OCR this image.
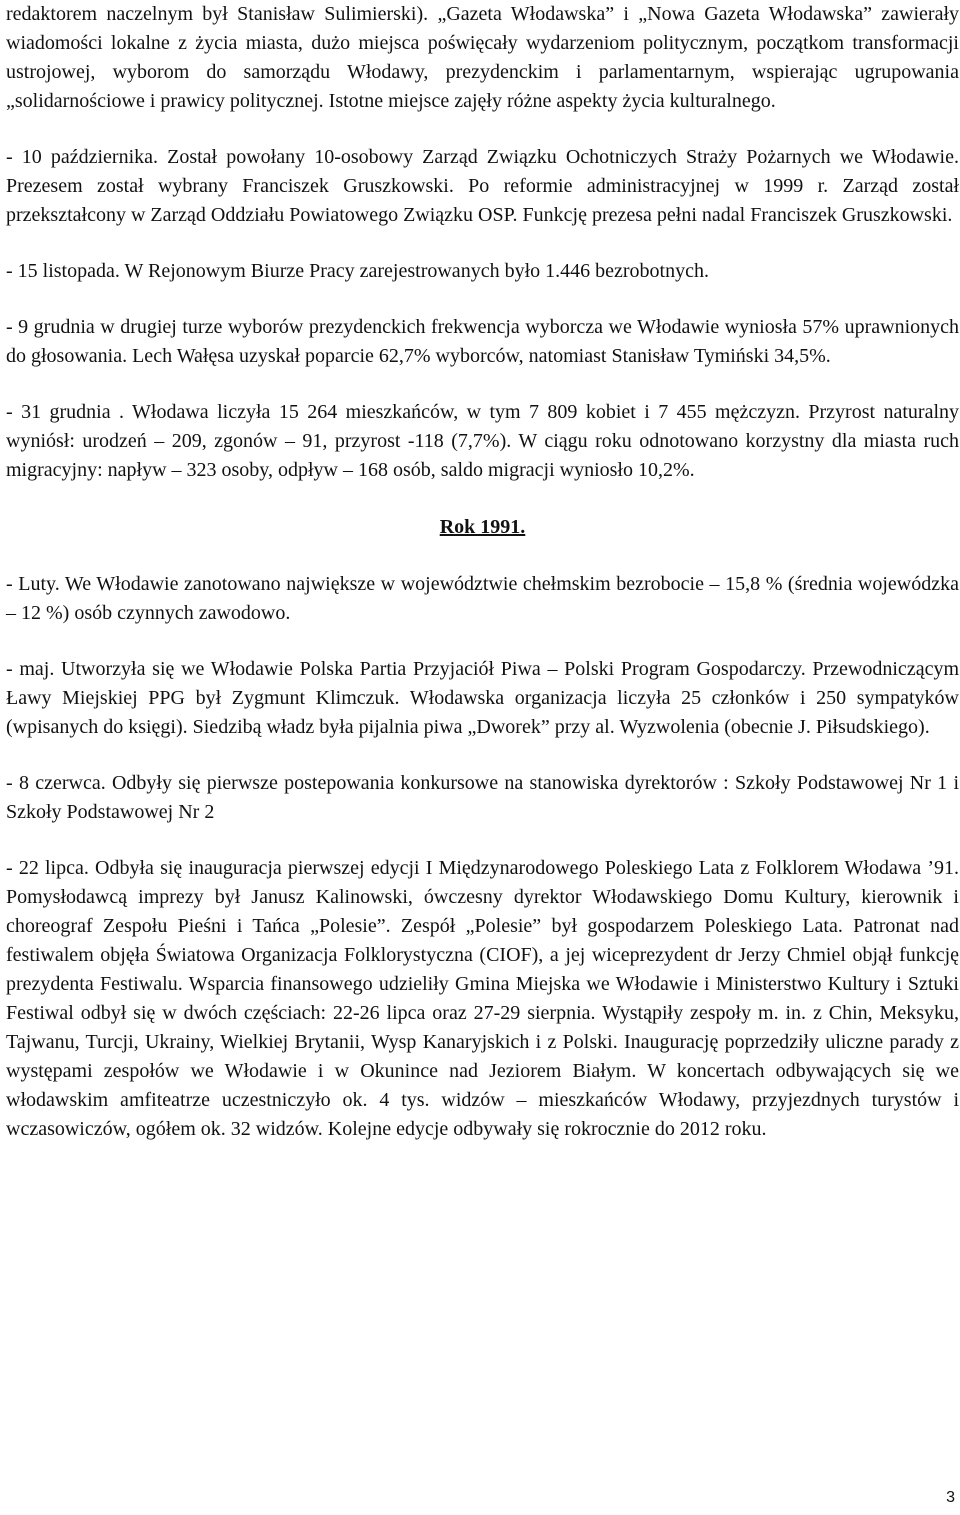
redaktorem naczelnym był Stanisław Sulimierski). „Gazeta Włodawska” i „Nowa Gazeta Włodawska” zawierały wiadomości lokalne z życia miasta, dużo miejsca poświęcały wydarzeniom politycznym, początkom transformacji ustrojowej, wyborom do samorządu Włodawy, prezydenckim i parlamentarnym, wspierając ugrupowania „solidarnościowe i prawicy politycznej. Istotne miejsce zajęły różne aspekty życia kulturalnego.

- 10 października. Został powołany 10-osobowy Zarząd Związku Ochotniczych Straży Pożarnych we Włodawie. Prezesem został wybrany Franciszek Gruszkowski. Po reformie administracyjnej w 1999 r. Zarząd został przekształcony w Zarząd Oddziału Powiatowego Związku OSP. Funkcję prezesa pełni nadal Franciszek Gruszkowski.

- 15 listopada. W Rejonowym Biurze Pracy zarejestrowanych było 1.446 bezrobotnych.

- 9 grudnia w drugiej turze wyborów prezydenckich frekwencja wyborcza we Włodawie wyniosła 57% uprawnionych do głosowania. Lech Wałęsa uzyskał poparcie 62,7% wyborców, natomiast Stanisław Tymiński 34,5%.

- 31 grudnia . Włodawa liczyła 15 264 mieszkańców, w tym 7 809 kobiet i 7 455 mężczyzn. Przyrost naturalny wyniósł: urodzeń – 209, zgonów – 91, przyrost -118 (7,7%). W ciągu roku odnotowano korzystny dla miasta ruch migracyjny: napływ – 323 osoby, odpływ – 168 osób, saldo migracji wyniosło 10,2%.

Rok 1991.

- Luty. We Włodawie zanotowano największe w województwie chełmskim bezrobocie – 15,8 % (średnia wojewódzka – 12 %) osób czynnych zawodowo.

- maj. Utworzyła się we Włodawie Polska Partia Przyjaciół Piwa – Polski Program Gospodarczy. Przewodniczącym Ławy Miejskiej PPG był Zygmunt Klimczuk. Włodawska organizacja liczyła 25 członków i 250 sympatyków (wpisanych do księgi). Siedzibą władz była pijalnia piwa „Dworek” przy al. Wyzwolenia (obecnie J. Piłsudskiego).

- 8 czerwca. Odbyły się pierwsze postepowania konkursowe na stanowiska dyrektorów : Szkoły Podstawowej Nr 1 i Szkoły Podstawowej Nr 2

- 22 lipca. Odbyła się inauguracja pierwszej edycji I Międzynarodowego Poleskiego Lata z Folklorem Włodawa ’91. Pomysłodawcą imprezy był Janusz Kalinowski, ówczesny dyrektor Włodawskiego Domu Kultury, kierownik i choreograf Zespołu Pieśni i Tańca „Polesie”. Zespół „Polesie” był gospodarzem Poleskiego Lata. Patronat nad festiwalem objęła Światowa Organizacja Folklorystyczna (CIOF), a jej wiceprezydent dr Jerzy Chmiel objął funkcję prezydenta Festiwalu. Wsparcia finansowego udzieliły Gmina Miejska we Włodawie i Ministerstwo Kultury i Sztuki Festiwal odbył się w dwóch częściach: 22-26 lipca oraz 27-29 sierpnia. Wystąpiły zespoły m. in. z Chin, Meksyku, Tajwanu, Turcji, Ukrainy, Wielkiej Brytanii, Wysp Kanaryjskich i z Polski. Inaugurację poprzedziły uliczne parady z występami zespołów we Włodawie i w Okunince nad Jeziorem Białym. W koncertach odbywających się we włodawskim amfiteatrze uczestniczyło ok. 4 tys. widzów – mieszkańców Włodawy, przyjezdnych turystów i wczasowiczów, ogółem ok. 32 widzów. Kolejne edycje odbywały się rokrocznie do 2012 roku.

3
